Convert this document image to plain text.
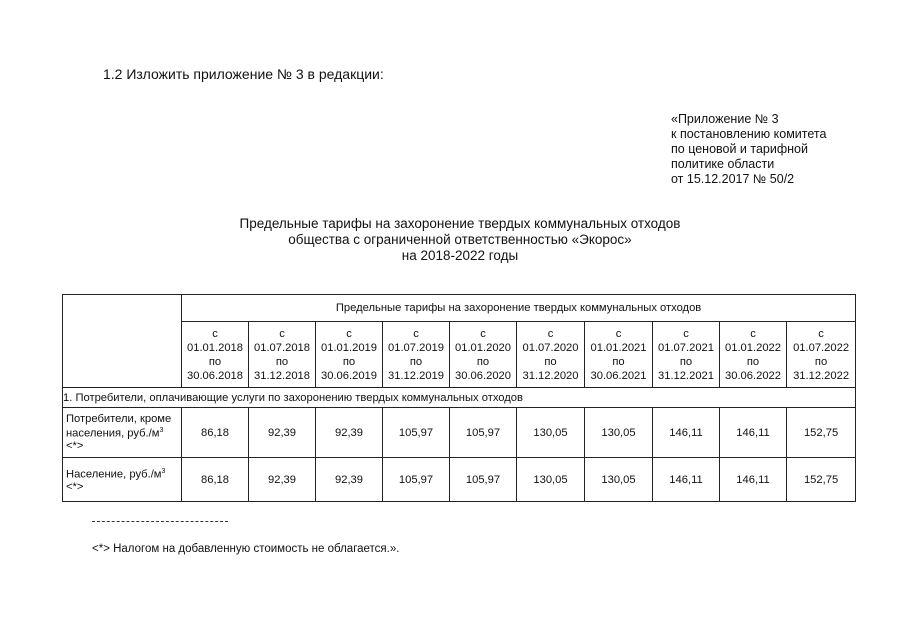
1.2 Изложить приложение № 3 в редакции:
«Приложение № 3
к постановлению комитета
по ценовой и тарифной
политике области
от 15.12.2017 № 50/2
Предельные тарифы на захоронение твердых коммунальных отходов
общества с ограниченной ответственностью «Экорос»
на 2018-2022 годы
	Предельные тарифы на захоронение твердых коммунальных отходов									
	с
01.01.2018
по
30.06.2018	с
01.07.2018
по
31.12.2018	с
01.01.2019
по
30.06.2019	с
01.07.2019
по
31.12.2019	с
01.01.2020
по
30.06.2020	с
01.07.2020
по
31.12.2020	с
01.01.2021
по
30.06.2021	с
01.07.2021
по
31.12.2021	с
01.01.2022
по
30.06.2022	с
01.07.2022
по
31.12.2022
1. Потребители, оплачивающие услуги по захоронению твердых коммунальных отходов										
Потребители, кроме
населения, $руб./м^3$
<*>	86,18	92,39	92,39	105,97	105,97	130,05	130,05	146,11	146,11	152,75
Население, $руб./м^3$
<*>	86,18	92,39	92,39	105,97	105,97	130,05	130,05	146,11	146,11	152,75
<*> Налогом на добавленную стоимость не облагается.».
